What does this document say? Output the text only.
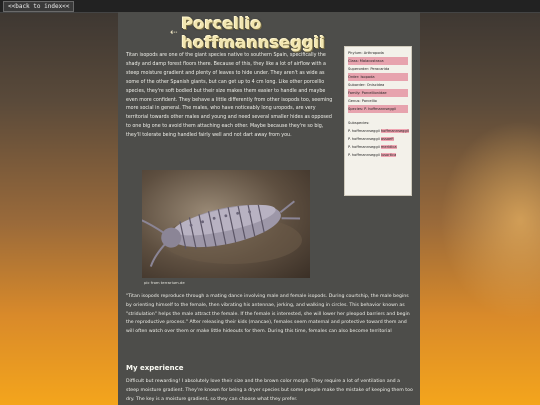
<<back to index<<
⇠ Porcellio hoffmannseggii

Titan isopods are one of the giant species native to southern Spain, specifically the shady and damp forest floors there. Because of this, they like a lot of airflow with a steep moisture gradient and plenty of leaves to hide under. They aren't as wide as some of the other Spanish giants, but can get up to 4 cm long. Like other porcellio species, they're soft bodied but their size makes them easier to handle and maybe even more confident. They behave a little differently from other isopods too, seeming more social in general. The males, who have noticeably long uropods, are very territorial towards other males and young and need several smaller hides as opposed to one big one to avoid them attaching each other. Maybe because they're so big, they'll tolerate being handled fairly well and not dart away from you.

Phylum: Arthropoda
Class: Malacostraca
Superorder: Peracarida
Order: Isopoda
Suborder: Oniscidea
Family: Porcellionidae
Genus: Porcellio
Species: P. hoffmannseggii
Subspecies:
P. hoffmannseggii hoffmannseggii
P. hoffmannseggii assaefi
P. hoffmannseggii meridica
P. hoffmannseggii lusortica
pic from terrarium.de

"Titan isopods reproduce through a mating dance involving male and female isopods. During courtship, the male begins by orienting himself to the female, then vibrating his antennae, jerking, and walking in circles. This behavior known as "stridulation" helps the male attract the female. If the female is interested, she will lower her pleopod barriers and begin the reproductive process." After releasing their kids (mancae), females seem maternal and protective toward them and will often watch over them or make little hideouts for them. During this time, females can also become territorial

My experience

Difficult but rewarding! I absolutely love their size and the brown color morph. They require a lot of ventilation and a steep moisture gradient. They're known for being a dryer species but some people make the mistake of keeping them too dry. The key is a moisture gradient, so they can choose what they prefer.
